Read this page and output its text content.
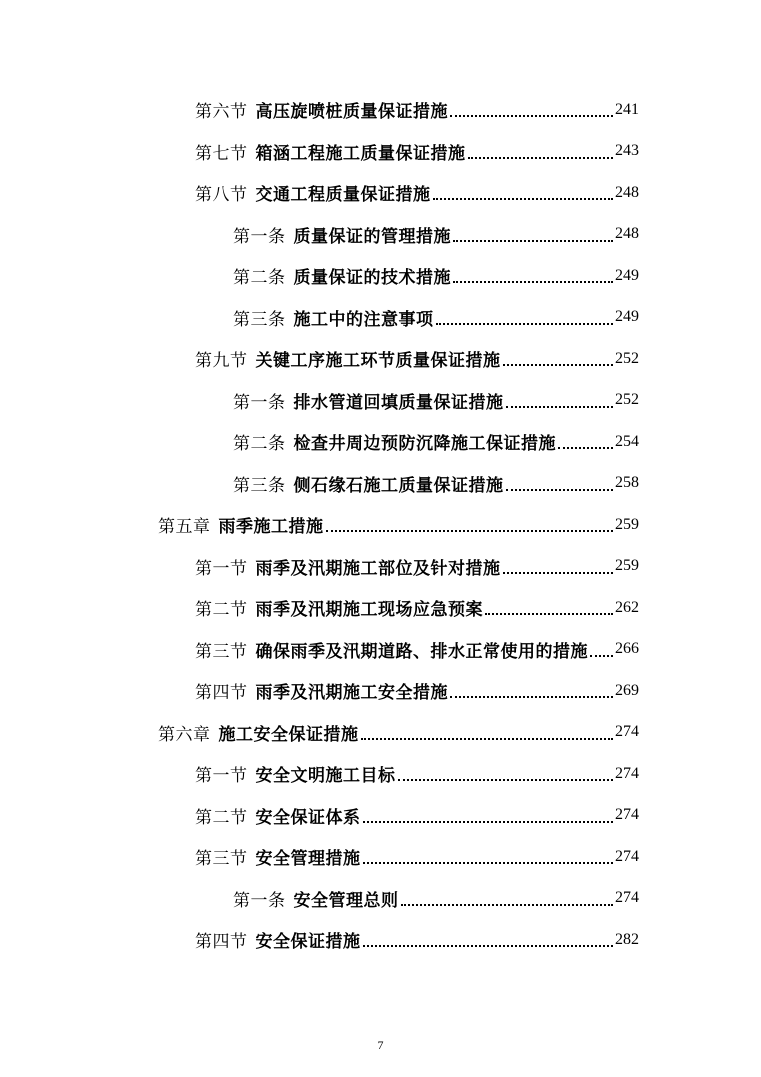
第六节 高压旋喷桩质量保证措施	241
第七节 箱涵工程施工质量保证措施	243
第八节 交通工程质量保证措施	248
第一条 质量保证的管理措施	248
第二条 质量保证的技术措施	249
第三条 施工中的注意事项	249
第九节 关键工序施工环节质量保证措施	252
第一条 排水管道回填质量保证措施	252
第二条 检查井周边预防沉降施工保证措施	254
第三条 侧石缘石施工质量保证措施	258
第五章 雨季施工措施	259
第一节 雨季及汛期施工部位及针对措施	259
第二节 雨季及汛期施工现场应急预案	262
第三节 确保雨季及汛期道路、排水正常使用的措施 266
第四节 雨季及汛期施工安全措施	269
第六章 施工安全保证措施	274
第一节 安全文明施工目标	274
第二节 安全保证体系	274
第三节 安全管理措施	274
第一条 安全管理总则	274
第四节 安全保证措施	282
7
